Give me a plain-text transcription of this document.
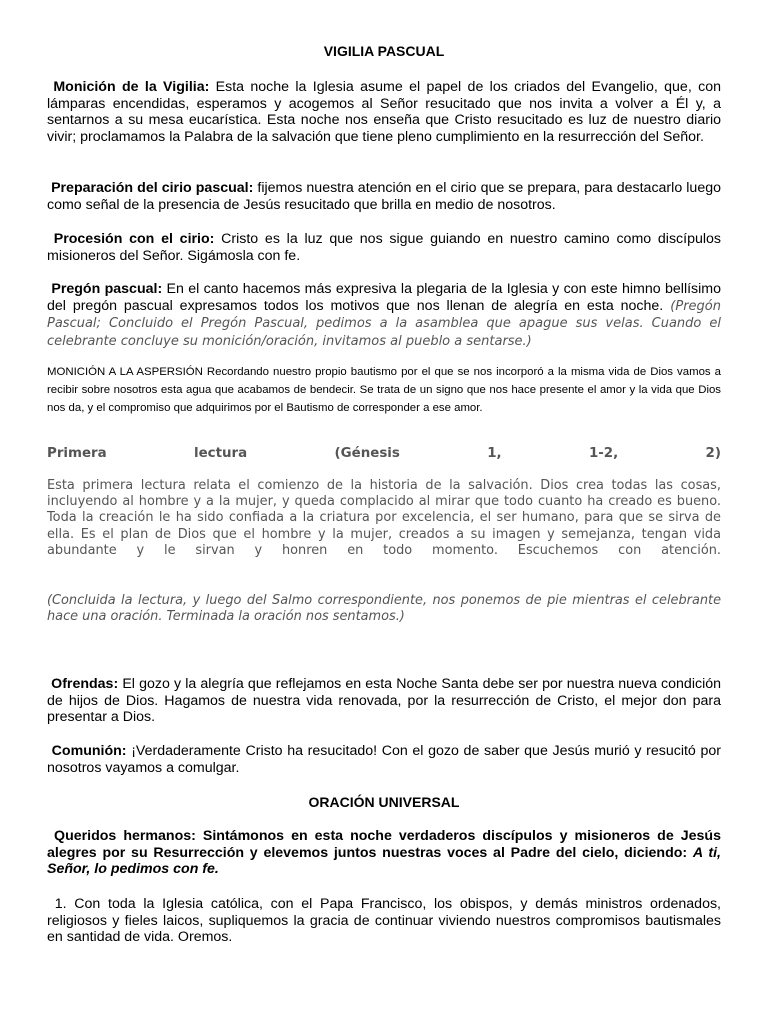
VIGILIA PASCUAL
Monición de la Vigilia: Esta noche la Iglesia asume el papel de los criados del Evangelio, que, con lámparas encendidas, esperamos y acogemos al Señor resucitado que nos invita a volver a Él y, a sentarnos a su mesa eucarística. Esta noche nos enseña que Cristo resucitado es luz de nuestro diario vivir; proclamamos la Palabra de la salvación que tiene pleno cumplimiento en la resurrección del Señor.
Preparación del cirio pascual: fijemos nuestra atención en el cirio que se prepara, para destacarlo luego como señal de la presencia de Jesús resucitado que brilla en medio de nosotros.
Procesión con el cirio: Cristo es la luz que nos sigue guiando en nuestro camino como discípulos misioneros del Señor. Sigámosla con fe.
Pregón pascual: En el canto hacemos más expresiva la plegaria de la Iglesia y con este himno bellísimo del pregón pascual expresamos todos los motivos que nos llenan de alegría en esta noche. (Pregón Pascual; Concluido el Pregón Pascual, pedimos a la asamblea que apague sus velas. Cuando el celebrante concluye su monición/oración, invitamos al pueblo a sentarse.)
MONICIÓN A LA ASPERSIÓN Recordando nuestro propio bautismo por el que se nos incorporó a la misma vida de Dios vamos a recibir sobre nosotros esta agua que acabamos de bendecir. Se trata de un signo que nos hace presente el amor y la vida que Dios nos da, y el compromiso que adquirimos por el Bautismo de corresponder a ese amor.
Primera	lectura	(Génesis	1,	1-2,	2)
Esta primera lectura relata el comienzo de la historia de la salvación. Dios crea todas las cosas, incluyendo al hombre y a la mujer, y queda complacido al mirar que todo cuanto ha creado es bueno. Toda la creación le ha sido confiada a la criatura por excelencia, el ser humano, para que se sirva de ella. Es el plan de Dios que el hombre y la mujer, creados a su imagen y semejanza, tengan vida abundante y le sirvan y honren en todo momento. Escuchemos con atención.
(Concluida la lectura, y luego del Salmo correspondiente, nos ponemos de pie mientras el celebrante hace una oración. Terminada la oración nos sentamos.)
Ofrendas: El gozo y la alegría que reflejamos en esta Noche Santa debe ser por nuestra nueva condición de hijos de Dios. Hagamos de nuestra vida renovada, por la resurrección de Cristo, el mejor don para presentar a Dios.
Comunión: ¡Verdaderamente Cristo ha resucitado! Con el gozo de saber que Jesús murió y resucitó por nosotros vayamos a comulgar.
ORACIÓN UNIVERSAL
Queridos hermanos: Sintámonos en esta noche verdaderos discípulos y misioneros de Jesús alegres por su Resurrección y elevemos juntos nuestras voces al Padre del cielo, diciendo: A ti, Señor, lo pedimos con fe.
1. Con toda la Iglesia católica, con el Papa Francisco, los obispos, y demás ministros ordenados, religiosos y fieles laicos, supliquemos la gracia de continuar viviendo nuestros compromisos bautismales en santidad de vida. Oremos.
